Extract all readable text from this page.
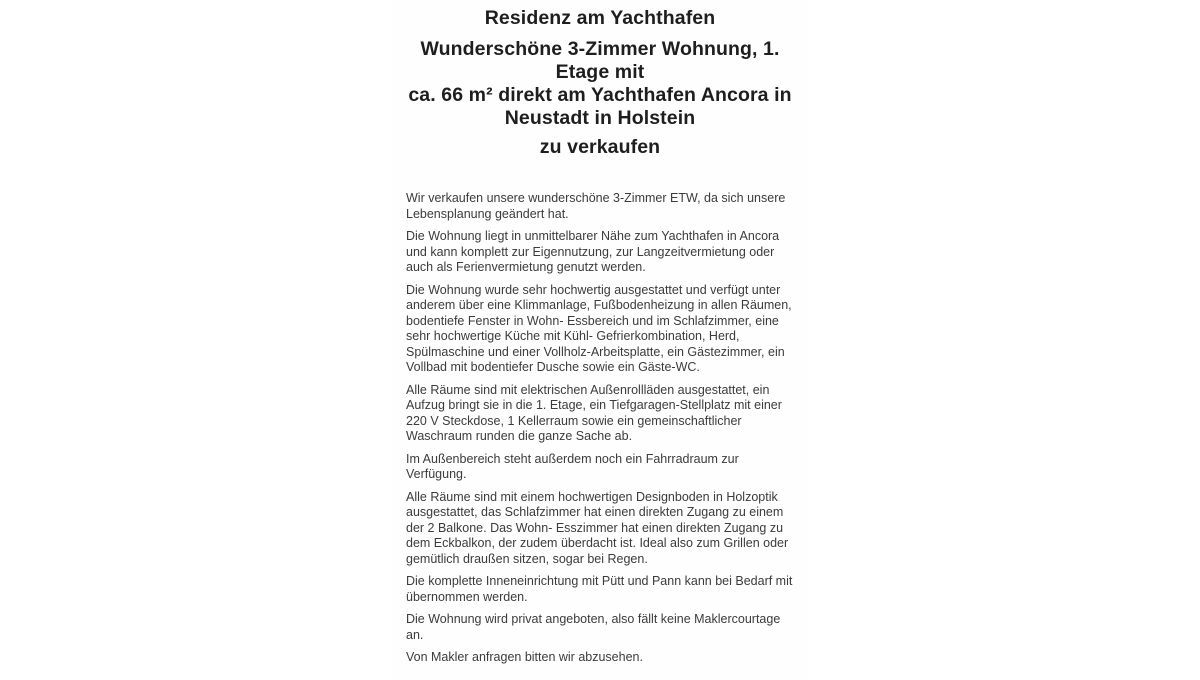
Residenz am Yachthafen
Wunderschöne 3-Zimmer Wohnung, 1. Etage mit
ca. 66 m² direkt am Yachthafen Ancora in
Neustadt in Holstein

zu verkaufen

Wir verkaufen unsere wunderschöne 3-Zimmer ETW, da sich unsere Lebensplanung geändert hat.

Die Wohnung liegt in unmittelbarer Nähe zum Yachthafen in Ancora und kann komplett zur Eigennutzung, zur Langzeitvermietung oder auch als Ferienvermietung genutzt werden.

Die Wohnung wurde sehr hochwertig ausgestattet und verfügt unter anderem über eine Klimmanlage, Fußbodenheizung in allen Räumen, bodentiefe Fenster in Wohn- Essbereich und im Schlafzimmer, eine sehr hochwertige Küche mit Kühl- Gefrierkombination, Herd, Spülmaschine und einer Vollholz-Arbeitsplatte, ein Gästezimmer, ein Vollbad mit bodentiefer Dusche sowie ein Gäste-WC.

Alle Räume sind mit elektrischen Außenrollläden ausgestattet, ein Aufzug bringt sie in die 1. Etage, ein Tiefgaragen-Stellplatz mit einer 220 V Steckdose, 1 Kellerraum sowie ein gemeinschaftlicher Waschraum runden die ganze Sache ab.

Im Außenbereich steht außerdem noch ein Fahrradraum zur Verfügung.

Alle Räume sind mit einem hochwertigen Designboden in Holzoptik ausgestattet, das Schlafzimmer hat einen direkten Zugang zu einem der 2 Balkone. Das Wohn- Esszimmer hat einen direkten Zugang zu dem Eckbalkon, der zudem überdacht ist. Ideal also zum Grillen oder gemütlich draußen sitzen, sogar bei Regen.

Die komplette Inneneinrichtung mit Pütt und Pann kann bei Bedarf mit übernommen werden.

Die Wohnung wird privat angeboten, also fällt keine Maklercourtage an.

Von Makler anfragen bitten wir abzusehen.
